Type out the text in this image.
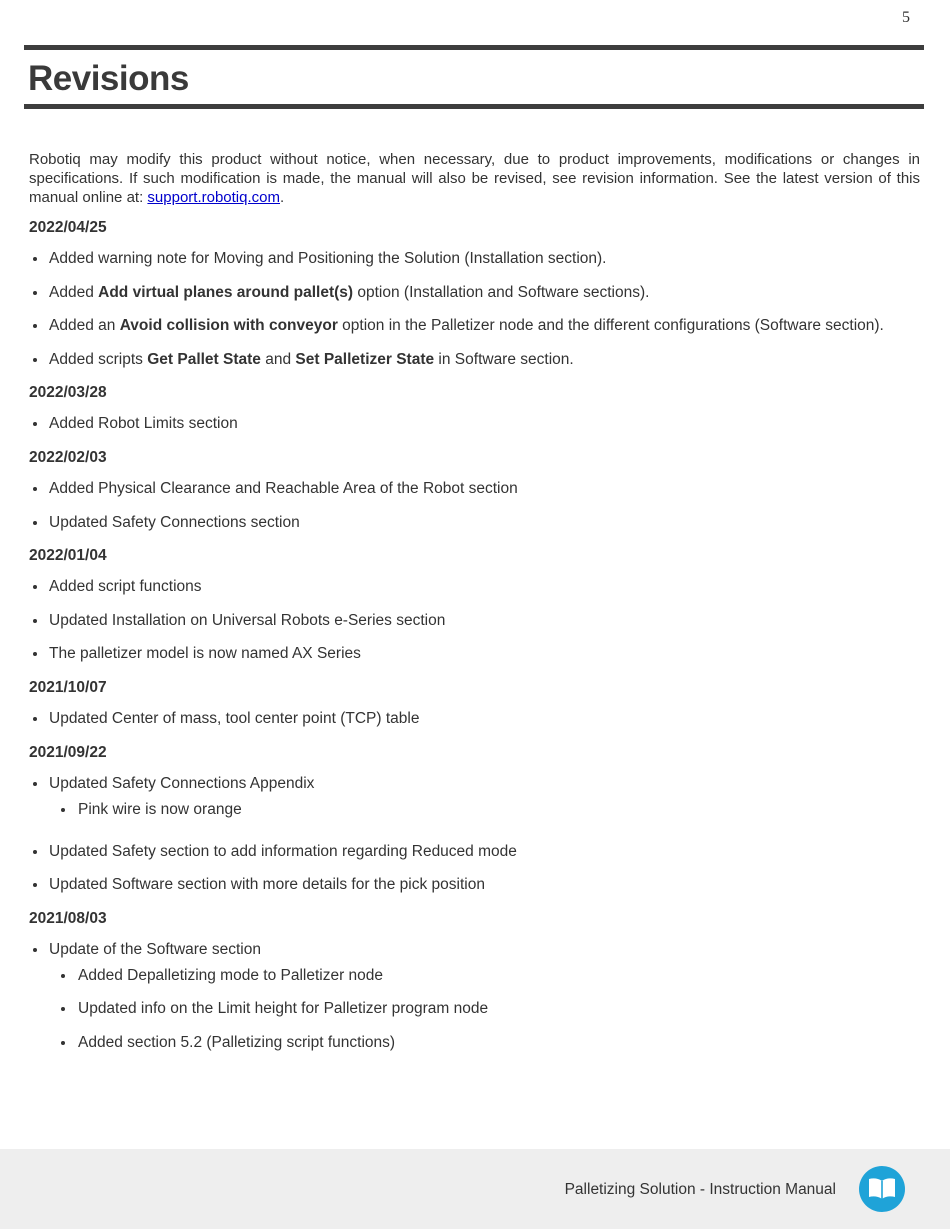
5
Revisions

Robotiq may modify this product without notice, when necessary, due to product improvements, modifications or changes in specifications. If such modification is made, the manual will also be revised, see revision information. See the latest version of this manual online at: support.robotiq.com.

2022/04/25
Added warning note for Moving and Positioning the Solution (Installation section).
Added Add virtual planes around pallet(s) option (Installation and Software sections).
Added an Avoid collision with conveyor option in the Palletizer node and the different configurations (Software section).
Added scripts Get Pallet State and Set Palletizer State in Software section.
2022/03/28
Added Robot Limits section
2022/02/03
Added Physical Clearance and Reachable Area of the Robot section
Updated Safety Connections section
2022/01/04
Added script functions
Updated Installation on Universal Robots e-Series section
The palletizer model is now named AX Series
2021/10/07
Updated Center of mass, tool center point (TCP) table
2021/09/22
Updated Safety Connections Appendix
Pink wire is now orange
Updated Safety section to add information regarding Reduced mode
Updated Software section with more details for the pick position
2021/08/03
Update of the Software section
Added Depalletizing mode to Palletizer node
Updated info on the Limit height for Palletizer program node
Added section 5.2 (Palletizing script functions)
Palletizing Solution - Instruction Manual
